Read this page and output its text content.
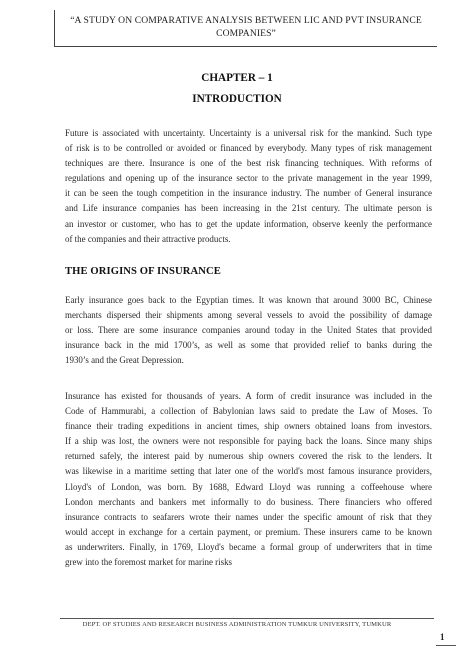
“A STUDY ON COMPARATIVE ANALYSIS BETWEEN LIC AND PVT INSURANCE
COMPANIES”
CHAPTER – 1
INTRODUCTION
Future is associated with uncertainty. Uncertainty is a universal risk for the mankind. Such type
of risk is to be controlled or avoided or financed by everybody. Many types of risk management
techniques are there. Insurance is one of the best risk financing techniques. With reforms of
regulations and opening up of the insurance sector to the private management in the year 1999,
it can be seen the tough competition in the insurance industry. The number of General insurance
and Life insurance companies has been increasing in the 21st century. The ultimate person is
an investor or customer, who has to get the update information, observe keenly the performance
of the companies and their attractive products.
THE ORIGINS OF INSURANCE
Early insurance goes back to the Egyptian times. It was known that around 3000 BC, Chinese
merchants dispersed their shipments among several vessels to avoid the possibility of damage
or loss. There are some insurance companies around today in the United States that provided
insurance back in the mid 1700’s, as well as some that provided relief to banks during the
1930’s and the Great Depression.
Insurance has existed for thousands of years. A form of credit insurance was included in the
Code of Hammurabi, a collection of Babylonian laws said to predate the Law of Moses. To
finance their trading expeditions in ancient times, ship owners obtained loans from investors.
If a ship was lost, the owners were not responsible for paying back the loans. Since many ships
returned safely, the interest paid by numerous ship owners covered the risk to the lenders. It
was likewise in a maritime setting that later one of the world's most famous insurance providers,
Lloyd's of London, was born. By 1688, Edward Lloyd was running a coffeehouse where
London merchants and bankers met informally to do business. There financiers who offered
insurance contracts to seafarers wrote their names under the specific amount of risk that they
would accept in exchange for a certain payment, or premium. These insurers came to be known
as underwriters. Finally, in 1769, Lloyd's became a formal group of underwriters that in time
grew into the foremost market for marine risks
DEPT. OF STUDIES AND RESEARCH BUSINESS ADMINISTRATION TUMKUR UNIVERSITY, TUMKUR
1
